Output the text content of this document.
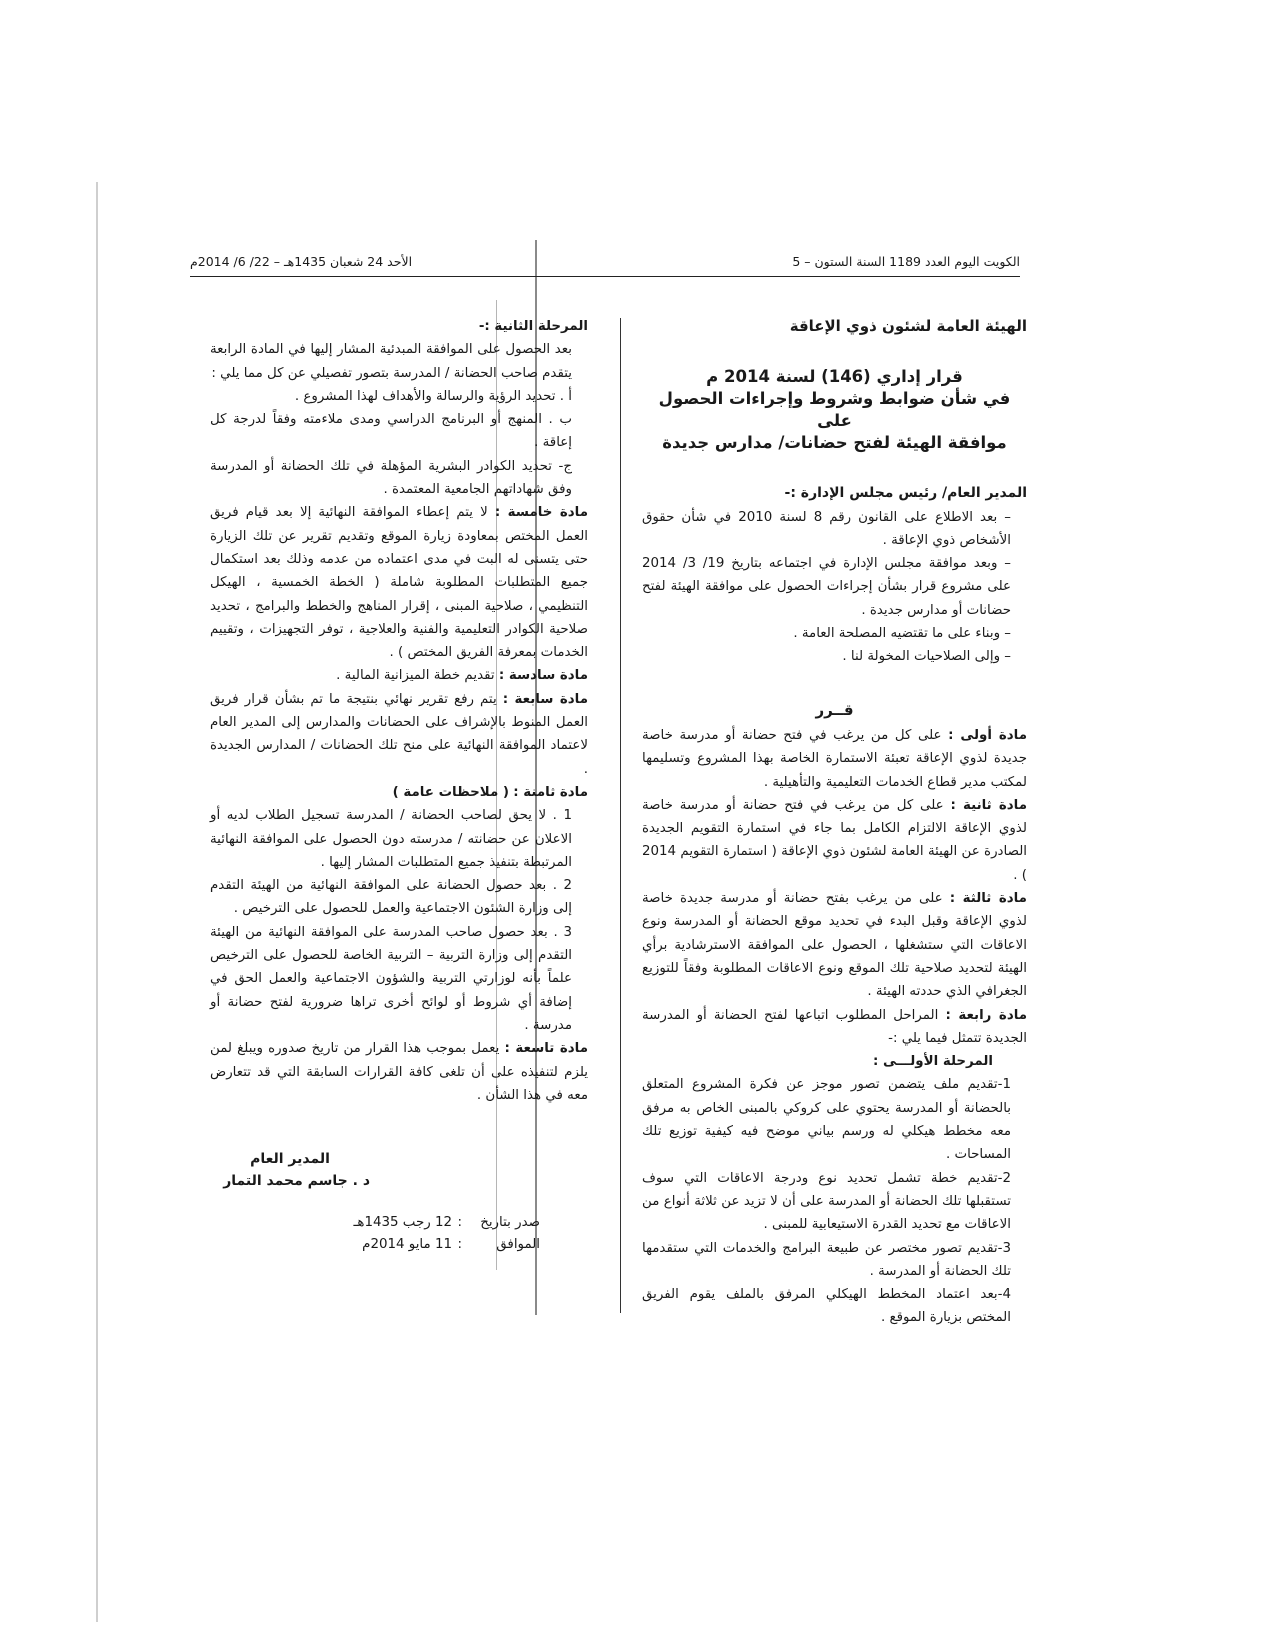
الكويت اليوم العدد 1189 السنة الستون – 5
الأحد 24 شعبان 1435هـ – 22/ 6/ 2014م

الهيئة العامة لشئون ذوي الإعاقة

قرار إداري (146) لسنة 2014 م
في شأن ضوابط وشروط وإجراءات الحصول على
موافقة الهيئة لفتح حضانات/ مدارس جديدة

المدير العام/ رئيس مجلس الإدارة :-

– بعد الاطلاع على القانون رقم 8 لسنة 2010 في شأن حقوق الأشخاص ذوي الإعاقة .

– وبعد موافقة مجلس الإدارة في اجتماعه بتاريخ 19/ 3/ 2014 على مشروع قرار بشأن إجراءات الحصول على موافقة الهيئة لفتح حضانات أو مدارس جديدة .

– وبناء على ما تقتضيه المصلحة العامة .

– وإلى الصلاحيات المخولة لنا .

قــرر

مادة أولى : على كل من يرغب في فتح حضانة أو مدرسة خاصة جديدة لذوي الإعاقة تعبئة الاستمارة الخاصة بهذا المشروع وتسليمها لمكتب مدير قطاع الخدمات التعليمية والتأهيلية .

مادة ثانية : على كل من يرغب في فتح حضانة أو مدرسة خاصة لذوي الإعاقة الالتزام الكامل بما جاء في استمارة التقويم الجديدة الصادرة عن الهيئة العامة لشئون ذوي الإعاقة ( استمارة التقويم 2014 ) .

مادة ثالثة : على من يرغب بفتح حضانة أو مدرسة جديدة خاصة لذوي الإعاقة وقبل البدء في تحديد موقع الحضانة أو المدرسة ونوع الاعاقات التي ستشغلها ، الحصول على الموافقة الاسترشادية برأي الهيئة لتحديد صلاحية تلك الموقع ونوع الاعاقات المطلوبة وفقاً للتوزيع الجغرافي الذي حددته الهيئة .

مادة رابعة : المراحل المطلوب اتباعها لفتح الحضانة أو المدرسة الجديدة تتمثل فيما يلي :-

المرحلة الأولـــى :

1-تقديم ملف يتضمن تصور موجز عن فكرة المشروع المتعلق بالحضانة أو المدرسة يحتوي على كروكي بالمبنى الخاص به مرفق معه مخطط هيكلي له ورسم بياني موضح فيه كيفية توزيع تلك المساحات .

2-تقديم خطة تشمل تحديد نوع ودرجة الاعاقات التي سوف تستقبلها تلك الحضانة أو المدرسة على أن لا تزيد عن ثلاثة أنواع من الاعاقات مع تحديد القدرة الاستيعابية للمبنى .

3-تقديم تصور مختصر عن طبيعة البرامج والخدمات التي ستقدمها تلك الحضانة أو المدرسة .

4-بعد اعتماد المخطط الهيكلي المرفق بالملف يقوم الفريق المختص بزيارة الموقع .

المرحلة الثانية :-

بعد الحصول على الموافقة المبدئية المشار إليها في المادة الرابعة يتقدم صاحب الحضانة / المدرسة بتصور تفصيلي عن كل مما يلي :

أ . تحديد الرؤية والرسالة والأهداف لهذا المشروع .

ب . المنهج أو البرنامج الدراسي ومدى ملاءمته وفقاً لدرجة كل إعاقة .

ج- تحديد الكوادر البشرية المؤهلة في تلك الحضانة أو المدرسة وفق شهاداتهم الجامعية المعتمدة .

مادة خامسة : لا يتم إعطاء الموافقة النهائية إلا بعد قيام فريق العمل المختص بمعاودة زيارة الموقع وتقديم تقرير عن تلك الزيارة حتى يتسنى له البت في مدى اعتماده من عدمه وذلك بعد استكمال جميع المتطلبات المطلوبة شاملة ( الخطة الخمسية ، الهيكل التنظيمي ، صلاحية المبنى ، إقرار المناهج والخطط والبرامج ، تحديد صلاحية الكوادر التعليمية والفنية والعلاجية ، توفر التجهيزات ، وتقييم الخدمات بمعرفة الفريق المختص ) .

مادة سادسة : تقديم خطة الميزانية المالية .

مادة سابعة : يتم رفع تقرير نهائي بنتيجة ما تم بشأن قرار فريق العمل المنوط بالإشراف على الحضانات والمدارس إلى المدير العام لاعتماد الموافقة النهائية على منح تلك الحضانات / المدارس الجديدة .

مادة ثامنة : ( ملاحظات عامة )

1 . لا يحق لصاحب الحضانة / المدرسة تسجيل الطلاب لديه أو الاعلان عن حضانته / مدرسته دون الحصول على الموافقة النهائية المرتبطة بتنفيذ جميع المتطلبات المشار إليها .

2 . بعد حصول الحضانة على الموافقة النهائية من الهيئة التقدم إلى وزارة الشئون الاجتماعية والعمل للحصول على الترخيص .

3 . بعد حصول صاحب المدرسة على الموافقة النهائية من الهيئة التقدم إلى وزارة التربية – التربية الخاصة للحصول على الترخيص علماً بأنه لوزارتي التربية والشؤون الاجتماعية والعمل الحق في إضافة أي شروط أو لوائح أخرى تراها ضرورية لفتح حضانة أو مدرسة .

مادة تاسعة : يعمل بموجب هذا القرار من تاريخ صدوره ويبلغ لمن يلزم لتنفيذه على أن تلغى كافة القرارات السابقة التي قد تتعارض معه في هذا الشأن .

المدير العام
د . جاسم محمد التمار
صدر بتاريخ
:
12 رجب 1435هـ
الموافق
:
11 مايو 2014م
